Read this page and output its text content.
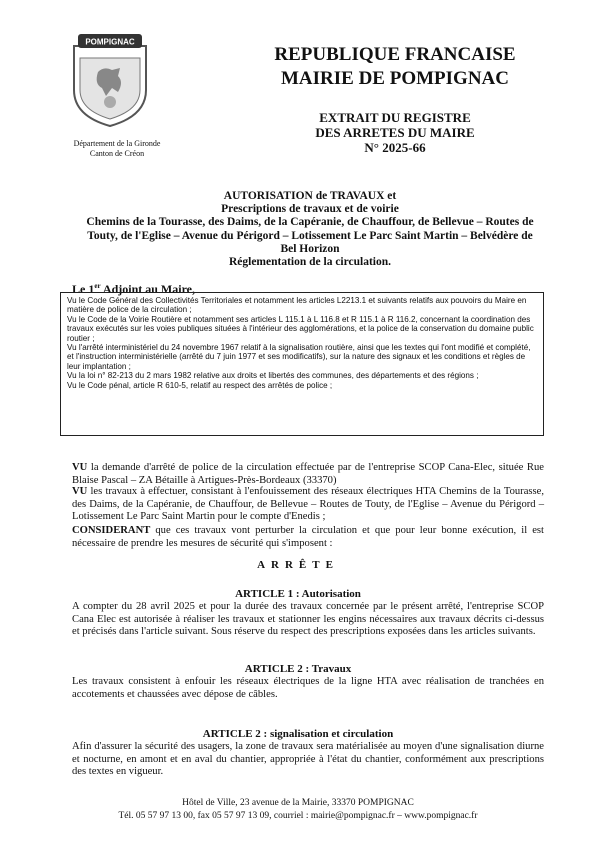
POMPIGNAC
Département de la Gironde
Canton de Créon
REPUBLIQUE FRANCAISE
MAIRIE DE POMPIGNAC
EXTRAIT DU REGISTRE
DES ARRETES DU MAIRE
N° 2025-66
AUTORISATION de TRAVAUX et
Prescriptions de travaux et de voirie
Chemins de la Tourasse, des Daims, de la Capéranie, de Chauffour, de Bellevue – Routes de
Touty, de l'Eglise – Avenue du Périgord – Lotissement Le Parc Saint Martin – Belvédère de
Bel Horizon
Réglementation de la circulation.
Le 1er Adjoint au Maire,

Vu le Code Général des Collectivités Territoriales et notamment les articles L2213.1 et suivants relatifs aux pouvoirs du Maire en matière de police de la circulation ;

Vu le Code de la Voirie Routière et notamment ses articles L 115.1 à L 116.8 et R 115.1 à R 116.2, concernant la coordination des travaux exécutés sur les voies publiques situées à l'intérieur des agglomérations, et la police de la conservation du domaine public routier ;

Vu l'arrêté interministériel du 24 novembre 1967 relatif à la signalisation routière, ainsi que les textes qui l'ont modifié et complété, et l'instruction interministérielle (arrêté du 7 juin 1977 et ses modificatifs), sur la nature des signaux et les conditions et règles de leur implantation ;

Vu la loi n° 82-213 du 2 mars 1982 relative aux droits et libertés des communes, des départements et des régions ;

Vu le Code pénal, article R 610-5, relatif au respect des arrêtés de police ;

VU la demande d'arrêté de police de la circulation effectuée par de l'entreprise SCOP Cana-Elec, située Rue Blaise Pascal – ZA Bétaille à Artigues-Près-Bordeaux (33370)
VU les travaux à effectuer, consistant à l'enfouissement des réseaux électriques HTA Chemins de la Tourasse, des Daims, de la Capéranie, de Chauffour, de Bellevue – Routes de Touty, de l'Eglise – Avenue du Périgord – Lotissement Le Parc Saint Martin pour le compte d'Enedis ;
CONSIDERANT que ces travaux vont perturber la circulation et que pour leur bonne exécution, il est nécessaire de prendre les mesures de sécurité qui s'imposent :
ARRÊTE
ARTICLE 1 : Autorisation
A compter du 28 avril 2025 et pour la durée des travaux concernée par le présent arrêté, l'entreprise SCOP Cana Elec est autorisée à réaliser les travaux et stationner les engins nécessaires aux travaux décrits ci-dessus et précisés dans l'article suivant. Sous réserve du respect des prescriptions exposées dans les articles suivants.
ARTICLE 2 : Travaux
Les travaux consistent à enfouir les réseaux électriques de la ligne HTA avec réalisation de tranchées en accotements et chaussées avec dépose de câbles.
ARTICLE 2 : signalisation et circulation
Afin d'assurer la sécurité des usagers, la zone de travaux sera matérialisée au moyen d'une signalisation diurne et nocturne, en amont et en aval du chantier, appropriée à l'état du chantier, conformément aux prescriptions des textes en vigueur.
Hôtel de Ville, 23 avenue de la Mairie, 33370 POMPIGNAC
Tél. 05 57 97 13 00, fax 05 57 97 13 09, courriel : mairie@pompignac.fr – www.pompignac.fr
